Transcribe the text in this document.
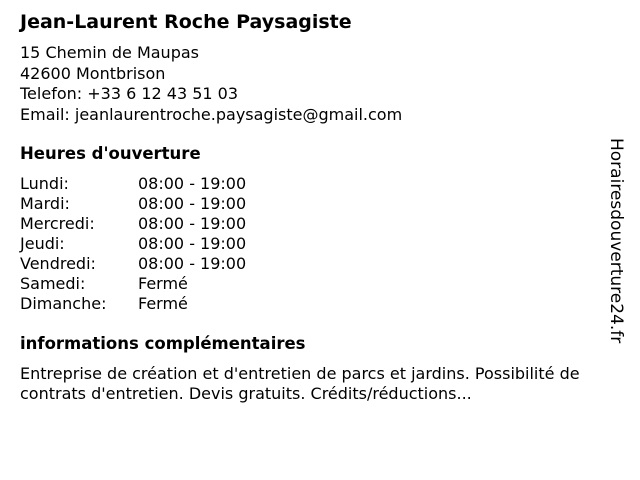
Jean-Laurent Roche Paysagiste
15 Chemin de Maupas
42600 Montbrison
Telefon: +33 6 12 43 51 03
Email: jeanlaurentroche.paysagiste@gmail.com
Heures d'ouverture
Lundi:	08:00 - 19:00
Mardi:	08:00 - 19:00
Mercredi:	08:00 - 19:00
Jeudi:	08:00 - 19:00
Vendredi:	08:00 - 19:00
Samedi:	Fermé
Dimanche:	Fermé
informations complémentaires

Entreprise de création et d'entretien de parcs et jardins. Possibilité de contrats d'entretien. Devis gratuits. Crédits/réductions...

Horairesdouverture24.fr
